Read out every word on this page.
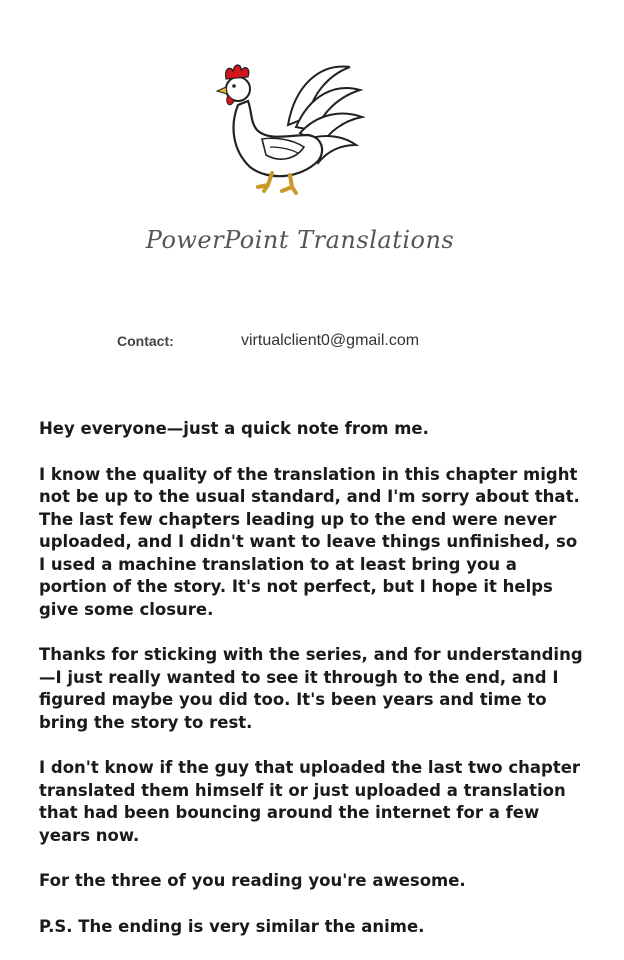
PowerPoint Translations
Contact:	virtualclient0@gmail.com

Hey everyone—just a quick note from me.

I know the quality of the translation in this chapter might not be up to the usual standard, and I'm sorry about that. The last few chapters leading up to the end were never uploaded, and I didn't want to leave things unfinished, so I used a machine translation to at least bring you a portion of the story. It's not perfect, but I hope it helps give some closure.

Thanks for sticking with the series, and for understanding—I just really wanted to see it through to the end, and I figured maybe you did too. It's been years and time to bring the story to rest.

I don't know if the guy that uploaded the last two chapter translated them himself it or just uploaded a translation that had been bouncing around the internet for a few years now.

For the three of you reading you're awesome.

P.S. The ending is very similar the anime.
